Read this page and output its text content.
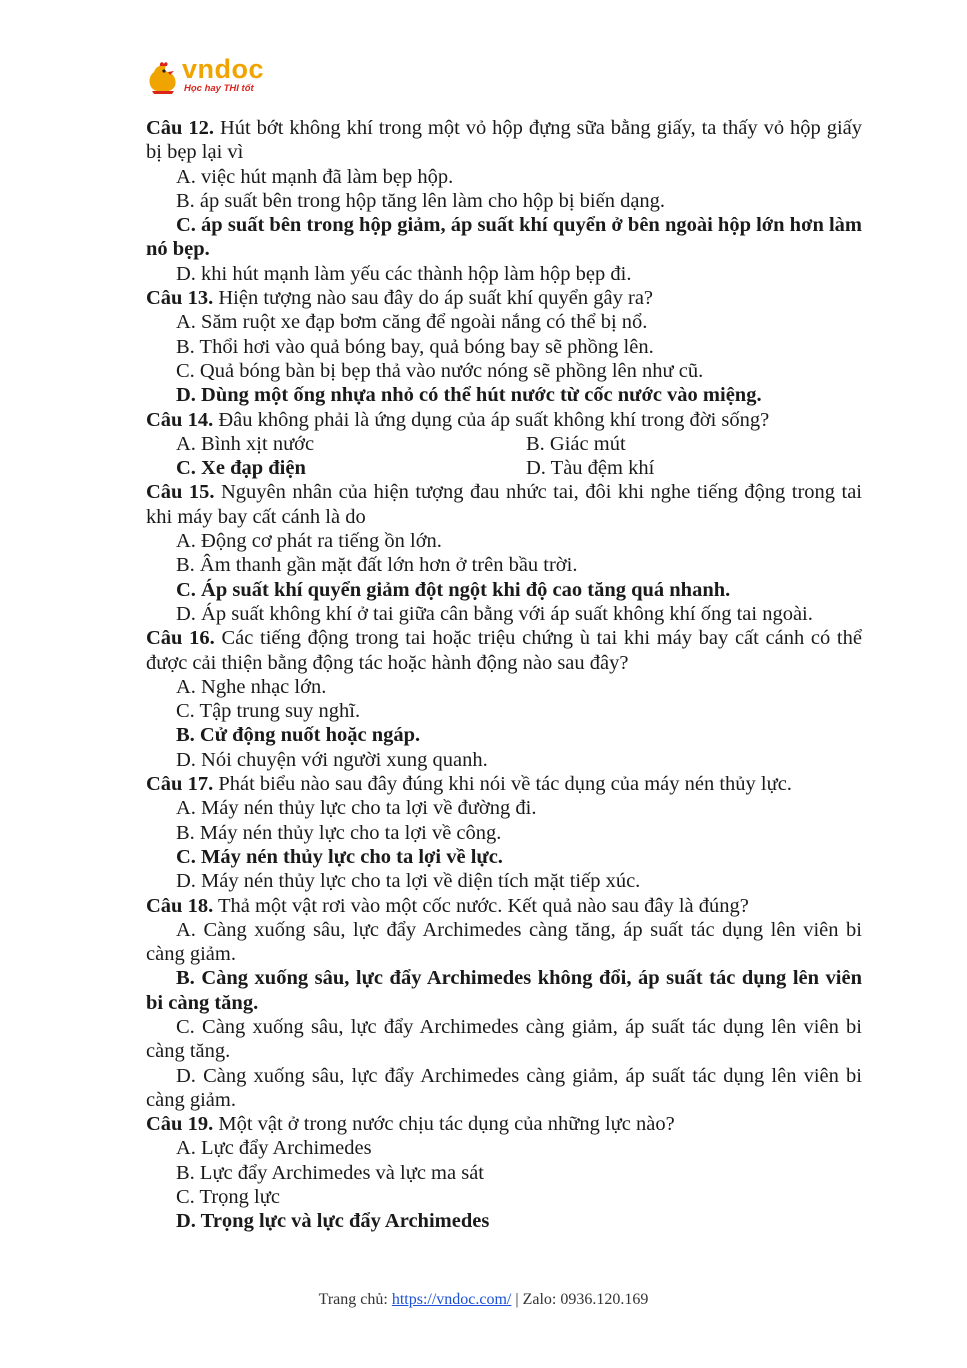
vndoc
Học hay THI tốt
Câu 12. Hút bớt không khí trong một vỏ hộp đựng sữa bằng giấy, ta thấy vỏ hộp giấy bị bẹp lại vì
A. việc hút mạnh đã làm bẹp hộp.
B. áp suất bên trong hộp tăng lên làm cho hộp bị biến dạng.
C. áp suất bên trong hộp giảm, áp suất khí quyển ở bên ngoài hộp lớn hơn làm nó bẹp.
D. khi hút mạnh làm yếu các thành hộp làm hộp bẹp đi.
Câu 13. Hiện tượng nào sau đây do áp suất khí quyển gây ra?
A. Săm ruột xe đạp bơm căng để ngoài nắng có thể bị nổ.
B. Thổi hơi vào quả bóng bay, quả bóng bay sẽ phồng lên.
C. Quả bóng bàn bị bẹp thả vào nước nóng sẽ phồng lên như cũ.
D. Dùng một ống nhựa nhỏ có thể hút nước từ cốc nước vào miệng.
Câu 14. Đâu không phải là ứng dụng của áp suất không khí trong đời sống?
A. Bình xịt nước	B. Giác mút
C. Xe đạp điện	D. Tàu đệm khí
Câu 15. Nguyên nhân của hiện tượng đau nhức tai, đôi khi nghe tiếng động trong tai khi máy bay cất cánh là do
A. Động cơ phát ra tiếng ồn lớn.
B. Âm thanh gần mặt đất lớn hơn ở trên bầu trời.
C. Áp suất khí quyển giảm đột ngột khi độ cao tăng quá nhanh.
D. Áp suất không khí ở tai giữa cân bằng với áp suất không khí ống tai ngoài.
Câu 16. Các tiếng động trong tai hoặc triệu chứng ù tai khi máy bay cất cánh có thể được cải thiện bằng động tác hoặc hành động nào sau đây?
A. Nghe nhạc lớn.
C. Tập trung suy nghĩ.
B. Cử động nuốt hoặc ngáp.
D. Nói chuyện với người xung quanh.
Câu 17. Phát biểu nào sau đây đúng khi nói về tác dụng của máy nén thủy lực.
A. Máy nén thủy lực cho ta lợi về đường đi.
B. Máy nén thủy lực cho ta lợi về công.
C. Máy nén thủy lực cho ta lợi về lực.
D. Máy nén thủy lực cho ta lợi về diện tích mặt tiếp xúc.
Câu 18. Thả một vật rơi vào một cốc nước. Kết quả nào sau đây là đúng?
A. Càng xuống sâu, lực đẩy Archimedes càng tăng, áp suất tác dụng lên viên bi càng giảm.
B. Càng xuống sâu, lực đẩy Archimedes không đổi, áp suất tác dụng lên viên bi càng tăng.
C. Càng xuống sâu, lực đẩy Archimedes càng giảm, áp suất tác dụng lên viên bi càng tăng.
D. Càng xuống sâu, lực đẩy Archimedes càng giảm, áp suất tác dụng lên viên bi càng giảm.
Câu 19. Một vật ở trong nước chịu tác dụng của những lực nào?
A. Lực đẩy Archimedes
B. Lực đẩy Archimedes và lực ma sát
C. Trọng lực
D. Trọng lực và lực đẩy Archimedes
Trang chủ: https://vndoc.com/ | Zalo: 0936.120.169
